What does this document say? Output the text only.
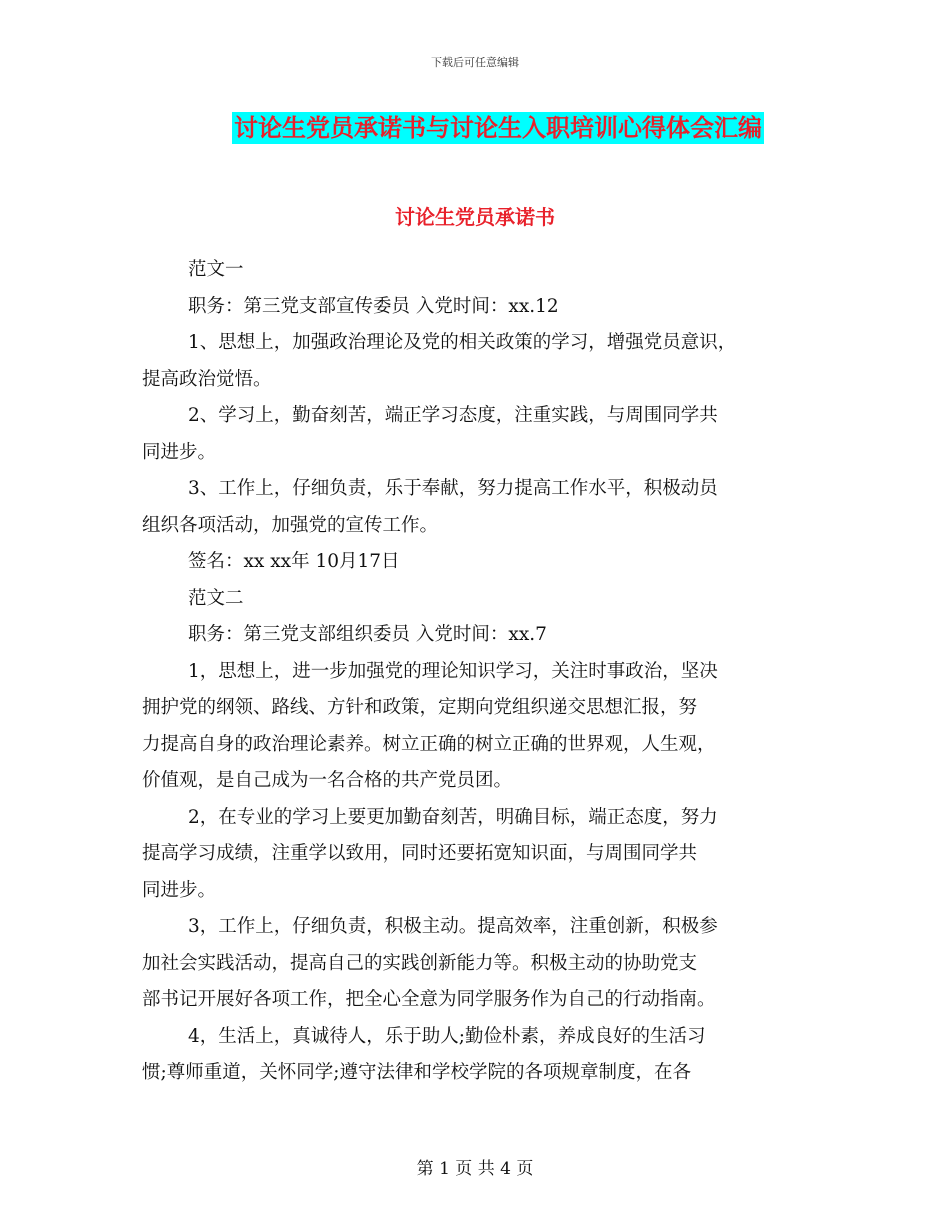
下载后可任意编辑
讨论生党员承诺书与讨论生入职培训心得体会汇编
讨论生党员承诺书
范文一
职务：第三党支部宣传委员 入党时间：xx.12
1、思想上，加强政治理论及党的相关政策的学习，增强党员意识，
提高政治觉悟。
2、学习上，勤奋刻苦，端正学习态度，注重实践，与周围同学共
同进步。
3、工作上，仔细负责，乐于奉献，努力提高工作水平，积极动员
组织各项活动，加强党的宣传工作。
签名：xx xx年 10月17日
范文二
职务：第三党支部组织委员 入党时间：xx.7
1，思想上，进一步加强党的理论知识学习，关注时事政治，坚决
拥护党的纲领、路线、方针和政策，定期向党组织递交思想汇报，努
力提高自身的政治理论素养。树立正确的树立正确的世界观，人生观，
价值观，是自己成为一名合格的共产党员团。
2，在专业的学习上要更加勤奋刻苦，明确目标，端正态度，努力
提高学习成绩，注重学以致用，同时还要拓宽知识面，与周围同学共
同进步。
3，工作上，仔细负责，积极主动。提高效率，注重创新，积极参
加社会实践活动，提高自己的实践创新能力等。积极主动的协助党支
部书记开展好各项工作，把全心全意为同学服务作为自己的行动指南。
4，生活上，真诚待人，乐于助人;勤俭朴素，养成良好的生活习
惯;尊师重道，关怀同学;遵守法律和学校学院的各项规章制度，在各
第 1 页 共 4 页
